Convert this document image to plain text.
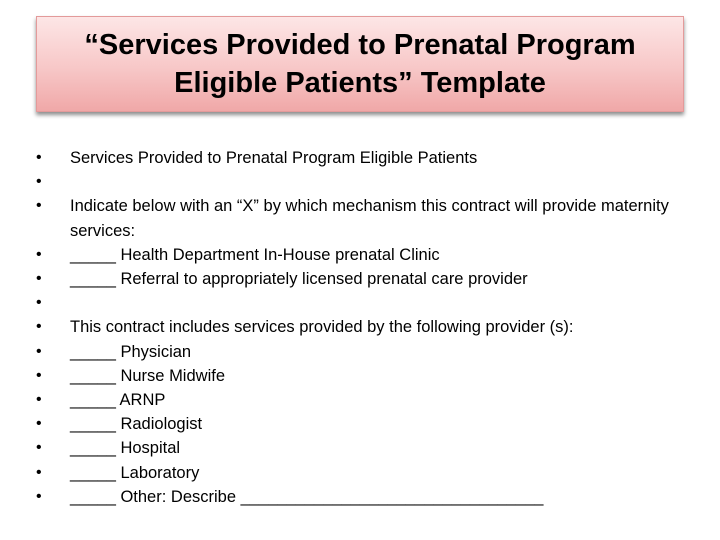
“Services Provided to Prenatal Program
Eligible Patients” Template
•	Services Provided to Prenatal Program Eligible Patients
•
•	Indicate below with an “X” by which mechanism this contract will provide maternity services:
•	_____ Health Department In-House prenatal Clinic
•	_____ Referral to appropriately licensed prenatal care provider
•
•	This contract includes services provided by the following provider (s):
•	_____ Physician
•	_____ Nurse Midwife
•	_____ ARNP
•	_____ Radiologist
•	_____ Hospital
•	_____ Laboratory
•	_____ Other: Describe _________________________________
